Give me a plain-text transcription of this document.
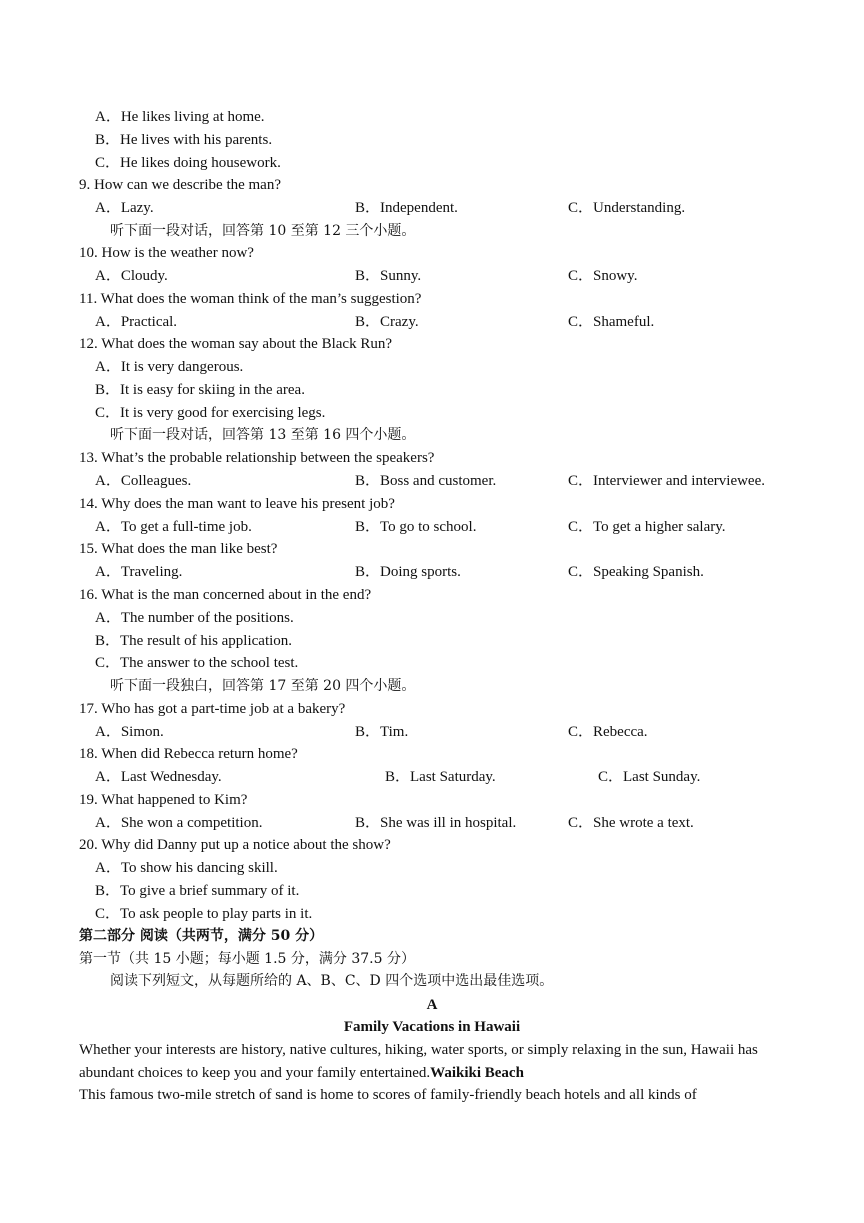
A．He likes living at home.
B．He lives with his parents.
C．He likes doing housework.
9. How can we describe the man?
A．Lazy.	B．Independent.	C．Understanding.
听下面一段对话，回答第 10 至第 12 三个小题。
10. How is the weather now?
A．Cloudy.	B．Sunny.	C．Snowy.
11. What does the woman think of the man’s suggestion?
A．Practical.	B．Crazy.	C．Shameful.
12. What does the woman say about the Black Run?
A．It is very dangerous.
B．It is easy for skiing in the area.
C．It is very good for exercising legs.
听下面一段对话，回答第 13 至第 16 四个小题。
13. What’s the probable relationship between the speakers?
A．Colleagues.	B．Boss and customer.	C．Interviewer and interviewee.
14. Why does the man want to leave his present job?
A．To get a full-time job.	B．To go to school.	C．To get a higher salary.
15. What does the man like best?
A．Traveling.	B．Doing sports.	C．Speaking Spanish.
16. What is the man concerned about in the end?
A．The number of the positions.
B．The result of his application.
C．The answer to the school test.
听下面一段独白，回答第 17 至第 20 四个小题。
17. Who has got a part-time job at a bakery?
A．Simon.	B．Tim.	C．Rebecca.
18. When did Rebecca return home?
A．Last Wednesday.	B．Last Saturday.	C．Last Sunday.
19. What happened to Kim?
A．She won a competition.	B．She was ill in hospital.	C．She wrote a text.
20. Why did Danny put up a notice about the show?
A．To show his dancing skill.
B．To give a brief summary of it.
C．To ask people to play parts in it.
第二部分 阅读（共两节，满分 50 分）
第一节（共 15 小题；每小题 1.5 分，满分 37.5 分）
阅读下列短文，从每题所给的 A、B、C、D 四个选项中选出最佳选项。
A
Family Vacations in Hawaii
Whether your interests are history, native cultures, hiking, water sports, or simply relaxing in the sun, Hawaii has abundant choices to keep you and your family entertained.Waikiki Beach
This famous two-mile stretch of sand is home to scores of family-friendly beach hotels and all kinds of
